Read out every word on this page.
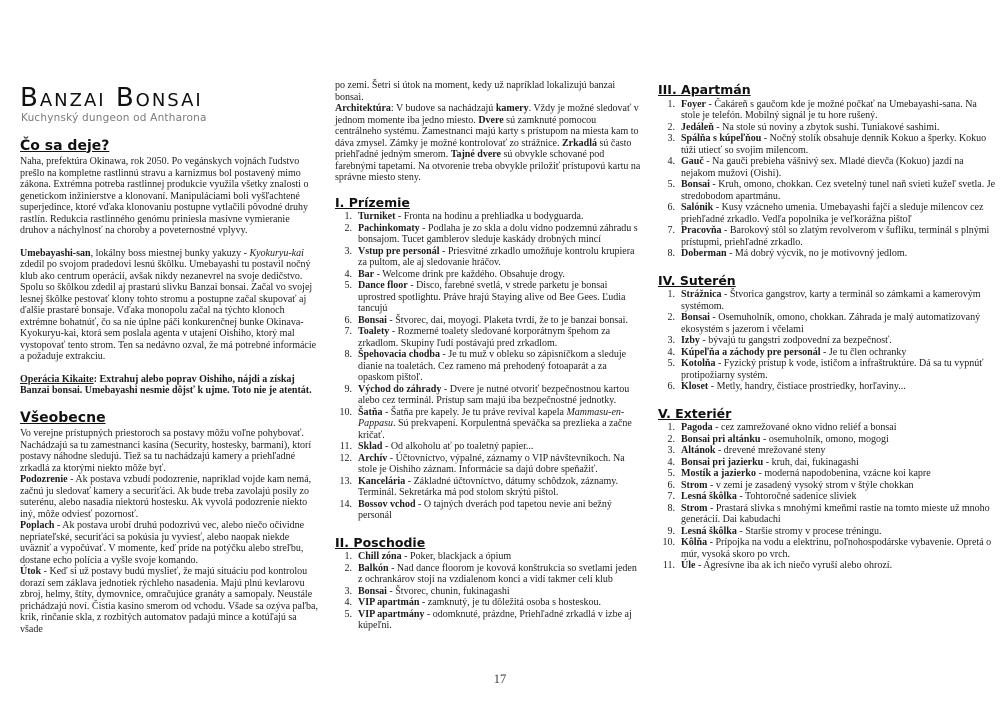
Banzai Bonsai
Kuchynský dungeon od Antharona
Čo sa deje?

Naha, prefektúra Okinawa, rok 2050. Po vegánskych vojnách ľudstvo prešlo na kompletne rastlinnú stravu a karnizmus bol postavený mimo zákona. Extrémna potreba rastlinnej produkcie využila všetky znalosti o genetickom inžinierstve a klonovaní. Manipuláciami boli vyšľachtené superjedince, ktoré vďaka klonovaniu postupne vytlačili pôvodné druhy rastlín. Redukcia rastlinného genómu priniesla masívne vymieranie druhov a náchylnosť na choroby a poveternostné vplyvy.

Umebayashi-san, lokálny boss miestnej bunky yakuzy - Kyokuryu-kai zdedil po svojom pradedovi lesnú škôlku. Umebayashi tu postavil nočný klub ako centrum operácií, avšak nikdy nezanevrel na svoje dedičstvo. Spolu so škôlkou zdedil aj prastarú slivku Banzai bonsai. Začal vo svojej lesnej škôlke pestovať klony tohto stromu a postupne začal skupovať aj ďalšie prastaré bonsaje. Vďaka monopolu začal na týchto klonoch extrémne bohatnúť, čo sa nie úplne páči konkurenčnej bunke Okinava-Kyokuryu-kai, ktorá sem poslala agenta v utajení Oishiho, ktorý mal vystopovať tento strom. Ten sa nedávno ozval, že má potrebné informácie a požaduje extrakciu.

Operácia Kikaite: Extrahuj alebo poprav Oishiho, nájdi a získaj Banzai bonsai. Umebayashi nesmie dôjsť k ujme. Toto nie je atentát.

Všeobecne

Vo verejne prístupných priestoroch sa postavy môžu voľne pohybovať. Nachádzajú sa tu zamestnanci kasína (Security, hostesky, barmani), ktorí postavy náhodne sledujú. Tiež sa tu nachádzajú kamery a priehľadné zrkadlá za ktorými niekto môže byť.

Podozrenie - Ak postava vzbudí podozrenie, napríklad vojde kam nemá, začnú ju sledovať kamery a securiťáci. Ak bude treba zavolajú posily zo suterénu, alebo nasadia niektorú hostesku. Ak vyvolá podozrenie niekto iný, môže odviesť pozornosť.
Poplach - Ak postava urobí druhú podozrivú vec, alebo niečo očividne nepriateľské, securiťáci sa pokúsia ju vyviesť, alebo naopak niekde uväzniť a vypočúvať. V momente, keď príde na potýčku alebo streľbu, dostane echo polícia a vyšle svoje komando.
Útok - Keď si už postavy budú myslieť, že majú situáciu pod kontrolou dorazí sem záklava jednotiek rýchleho nasadenia. Majú plnú kevlarovu zbroj, helmy, štíty, dymovnice, omračujúce granáty a samopaly. Neustále prichádzajú noví. Čistia kasíno smerom od vchodu. Všade sa ozýva paľba, krik, rinčanie skla, z rozbitých automatov padajú mince a kotúľajú sa všade

po zemi. Šetri si útok na moment, kedy už napríklad lokalizujú banzai bonsai.

Architektúra: V budove sa nachádzajú kamery. Vždy je možné sledovať v jednom momente iba jedno miesto. Dvere sú zamknuté pomocou centrálneho systému. Zamestnanci majú karty s prístupom na miesta kam to dáva zmysel. Zámky je možné kontrolovať zo strážnice. Zrkadlá sú často priehľadné jedným smerom. Tajné dvere sú obvykle schované pod farebnými tapetami. Na otvorenie treba obvykle priložiť prístupovú kartu na správne miesto steny.

I. Prízemie
1. Turniket - Fronta na hodinu a prehliadka u bodyguarda.
2. Pachinkomaty - Podlaha je zo skla a dolu vidno podzemnú záhradu s bonsajom. Tucet gamblerov sleduje kaskády drobných mincí
3. Vstup pre personál - Priesvitné zrkadlo umožňuje kontrolu krupiera za pultom, ale aj sledovanie hráčov.
4. Bar - Welcome drink pre každého. Obsahuje drogy.
5. Dance floor - Disco, farebné svetlá, v strede parketu je bonsai uprostred spotlightu. Práve hrajú Staying alive od Bee Gees. Ľudia tancujú
6. Bonsai - Štvorec, dai, moyogi. Plaketa tvrdí, že to je banzai bonsai.
7. Toalety - Rozmerné toalety sledované korporátnym špehom za zrkadlom. Skupiny ľudí postávajú pred zrkadlom.
8. Špehovacia chodba - Je tu muž v obleku so zápisníčkom a sleduje dianie na toaletách. Cez rameno má prehodený fotoaparát a za opaskom pištoľ.
9. Východ do záhrady - Dvere je nutné otvoriť bezpečnostnou kartou alebo cez terminál. Prístup sam majú iba bezpečnostné jednotky.
10. Šatňa - Šatňa pre kapely. Je tu práve revival kapela Mammasu-en-Pappasu. Sú prekvapení. Korpulentná speváčka sa prezlieka a začne kričať.
11. Sklad - Od alkoholu ať po toaletný papier...
12. Archív - Účtovníctvo, výpalné, záznamy o VIP návštevníkoch. Na stole je Oishiho záznam. Informácie sa dajú dobre speňažiť.
13. Kancelária - Základné účtovníctvo, dátumy schôdzok, záznamy. Terminál. Sekretárka má pod stolom skrýtú pištol.
14. Bossov vchod - O tajných dverách pod tapetou nevie ani bežný personál
II. Poschodie
1. Chill zóna - Poker, blackjack a ópium
2. Balkón - Nad dance floorom je kovová konštrukcia so svetlami jeden z ochrankárov stojí na vzdialenom konci a vidí takmer celí klub
3. Bonsai - Štvorec, chunin, fukinagashi
4. VIP apartmán - zamknutý, je tu dôležitá osoba s hosteskou.
5. VIP apartmány - odomknuté, prázdne, Priehľadné zrkadlá v izbe aj kúpeľni.
III. Apartmán
1. Foyer - Čakáreň s gaučom kde je možné počkať na Umebayashi-sana. Na stole je telefón. Mobilný signál je tu hore rušený.
2. Jedáleň - Na stole sú noviny a zbytok sushi. Tuniakové sashimi.
3. Spálňa s kúpeľňou - Nočný stolík obsahuje denník Kokuo a šperky. Kokuo túži utiecť so svojim milencom.
4. Gauč - Na gauči prebieha vášnivý sex. Mladé dievča (Kokuo) jazdí na nejakom mužovi (Oishi).
5. Bonsai - Kruh, omono, chokkan. Cez svetelný tunel naň svieti kužeľ svetla. Je stredobodom apartmánu.
6. Salónik - Kusy vzácneho umenia. Umebayashi fajčí a sleduje milencov cez priehľadné zrkadlo. Vedľa popolníka je veľkorážna pištoľ
7. Pracovňa - Barokový stôl so zlatým revolverom v šuflíku, terminál s plnými prístupmi, priehľadné zrkadlo.
8. Doberman - Má dobrý výcvik, no je motivovný jedlom.
IV. Suterén
1. Strážnica - Štvorica gangstrov, karty a terminál so zámkami a kamerovým systémom.
2. Bonsai - Osemuholník, omono, chokkan. Záhrada je malý automatizovaný ekosystém s jazerom i včelami
3. Izby - bývajú tu gangstri zodpovední za bezpečnosť.
4. Kúpeľňa a záchody pre personál - Je tu člen ochranky
5. Kotolňa - Fyzický prístup k vode, ističom a infraštruktúre. Dá sa tu vypnúť protipožiarny systém.
6. Kloset - Metly, handry, čistiace prostriedky, horľaviny...
V. Exteriér
1. Pagoda - cez zamrežované okno vidno reliéf a bonsai
2. Bonsai pri altánku - osemuholník, omono, mogogi
3. Altánok - drevené mrežované steny
4. Bonsai pri jazierku - kruh, dai, fukinagashi
5. Mostík a jazierko - moderná napodobenina, vzácne koi kapre
6. Strom - v zemi je zasadený vysoký strom v štýle chokkan
7. Lesná škôlka - Tohtoročné sadenice sliviek
8. Strom - Prastará slivka s mnohými kmeňmi rastie na tomto mieste už mnoho generácií. Dai kabudachi
9. Lesná škôlka - Staršie stromy v procese tréningu.
10. Kôlňa - Prípojka na vodu a elektrinu, poľnohospodárske vybavenie. Opretá o múr, vysoká skoro po vrch.
11. Úle - Agresívne iba ak ich niečo vyruší alebo ohrozí.
17
